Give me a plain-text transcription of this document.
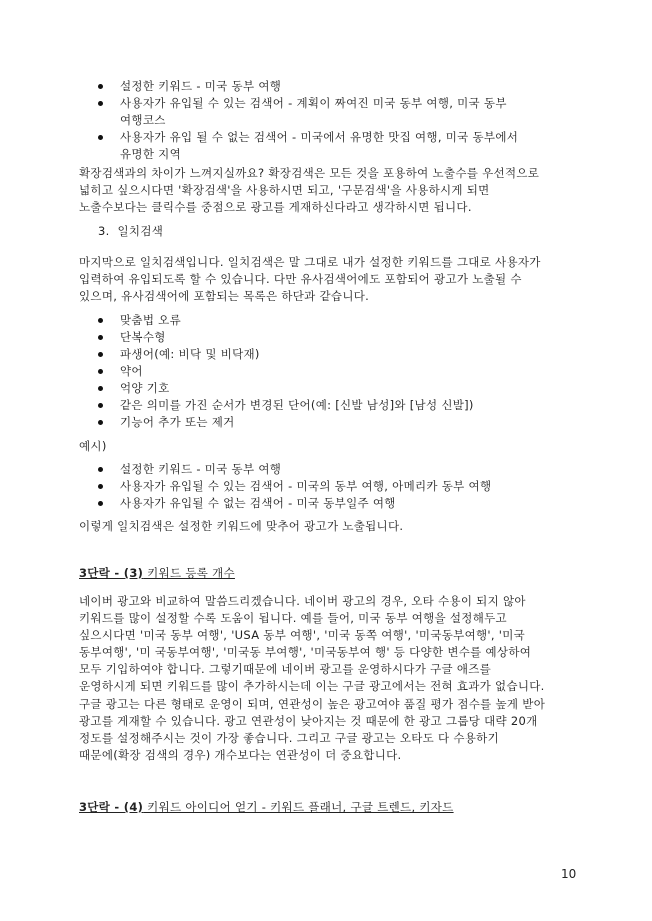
설정한 키워드 - 미국 동부 여행
사용자가 유입될 수 있는 검색어 - 계획이 짜여진 미국 동부 여행, 미국 동부
여행코스
사용자가 유입 될 수 없는 검색어 - 미국에서 유명한 맛집 여행, 미국 동부에서
유명한 지역
확장검색과의 차이가 느껴지실까요? 확장검색은 모든 것을 포용하여 노출수를 우선적으로
넓히고 싶으시다면 '확장검색'을 사용하시면 되고, '구문검색'을 사용하시게 되면
노출수보다는 클릭수를 중점으로 광고를 게재하신다라고 생각하시면 됩니다.
3. 일치검색
마지막으로 일치검색입니다. 일치검색은 말 그대로 내가 설정한 키워드를 그대로 사용자가
입력하여 유입되도록 할 수 있습니다. 다만 유사검색어에도 포함되어 광고가 노출될 수
있으며, 유사검색어에 포함되는 목록은 하단과 같습니다.
맞춤법 오류
단복수형
파생어(예: 비닥 및 비닥재)
약어
억양 기호
같은 의미를 가진 순서가 변경된 단어(예: [신발 남성]와 [남성 신발])
기능어 추가 또는 제거
예시)
설정한 키워드 - 미국 동부 여행
사용자가 유입될 수 있는 검색어 - 미국의 동부 여행, 아메리카 동부 여행
사용자가 유입될 수 없는 검색어 - 미국 동부일주 여행
이렇게 일치검색은 설정한 키워드에 맞추어 광고가 노출됩니다.
3단락 - (3) 키워드 등록 개수
네이버 광고와 비교하여 말씀드리겠습니다. 네이버 광고의 경우, 오타 수용이 되지 않아
키워드를 많이 설정할 수록 도움이 됩니다. 예를 들어, 미국 동부 여행을 설정해두고
싶으시다면 '미국 동부 여행', 'USA 동부 여행', '미국 동쪽 여행', '미국동부여행', '미국
동부여행', '미 국동부여행', '미국동 부여행', '미국동부여 행' 등 다양한 변수를 예상하여
모두 기입하여야 합니다. 그렇기때문에 네이버 광고를 운영하시다가 구글 애즈를
운영하시게 되면 키워드를 많이 추가하시는데 이는 구글 광고에서는 전혀 효과가 없습니다.
구글 광고는 다른 형태로 운영이 되며, 연관성이 높은 광고여야 품질 평가 점수를 높게 받아
광고를 게재할 수 있습니다. 광고 연관성이 낮아지는 것 때문에 한 광고 그룹당 대략 20개
정도를 설정해주시는 것이 가장 좋습니다. 그리고 구글 광고는 오타도 다 수용하기
때문에(확장 검색의 경우) 개수보다는 연관성이 더 중요합니다.
3단락 - (4) 키워드 아이디어 얻기 - 키워드 플래너, 구글 트렌드, 키자드
10
